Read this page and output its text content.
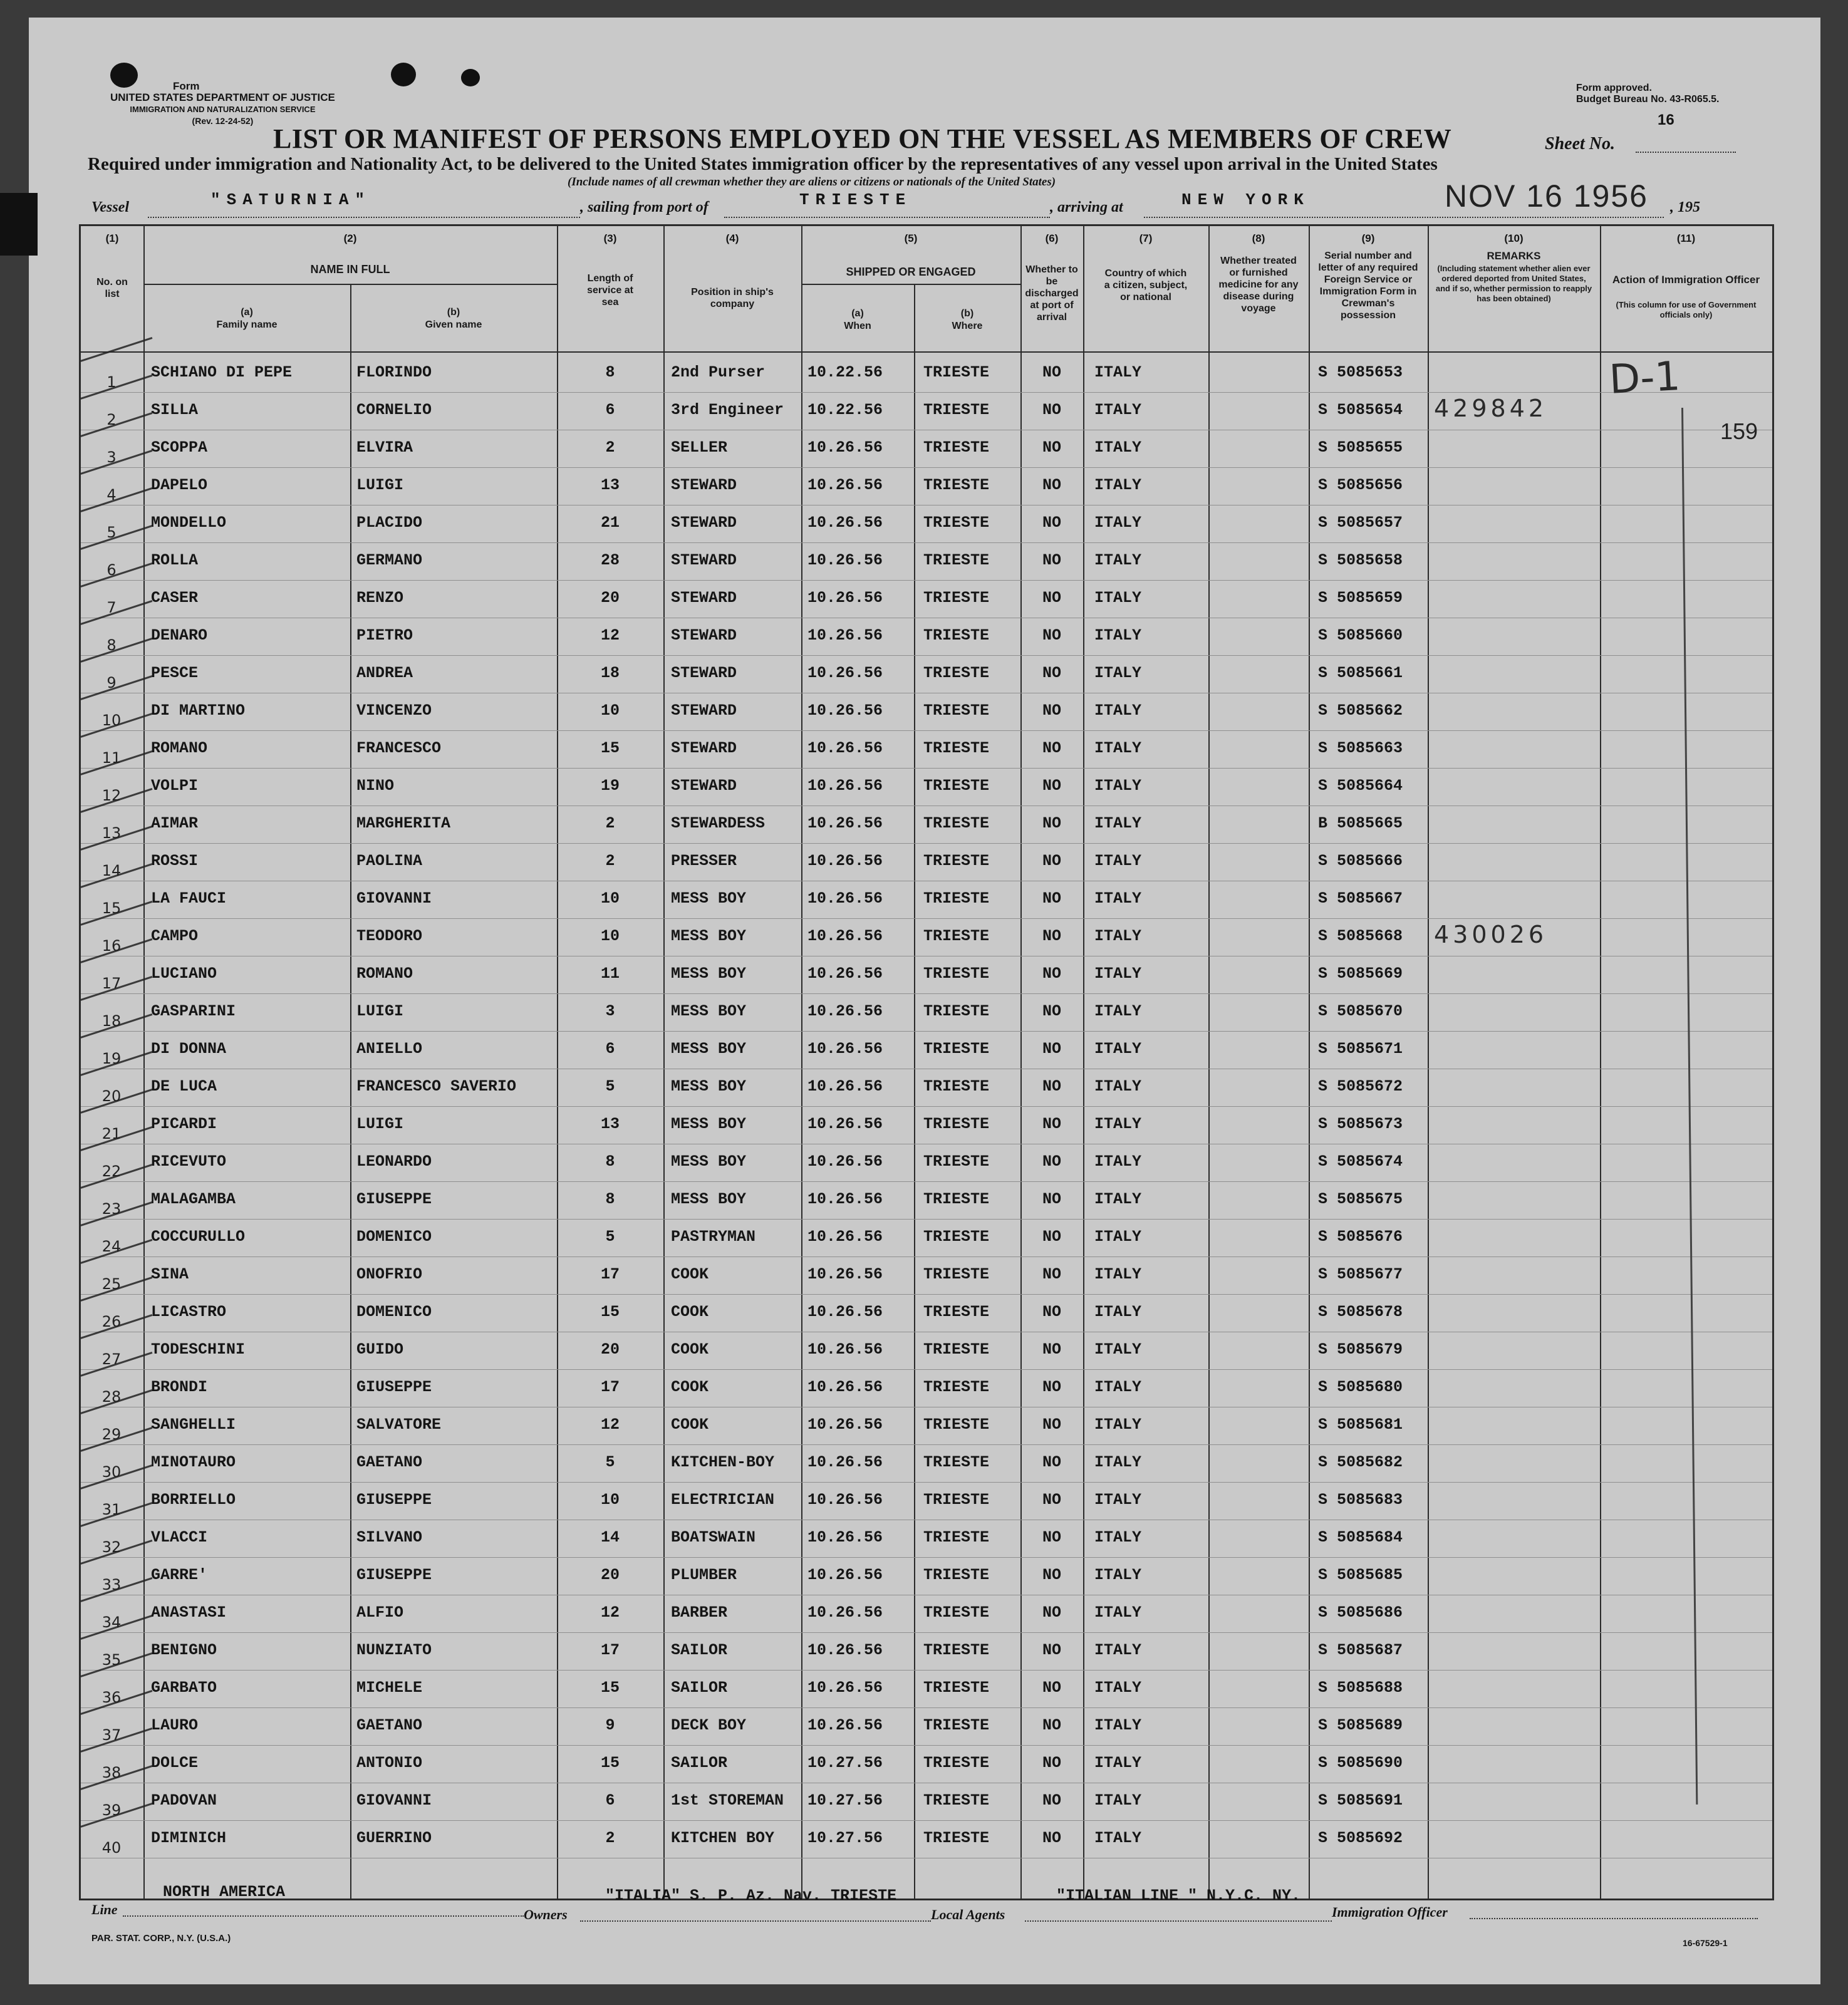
Form
UNITED STATES DEPARTMENT OF JUSTICE
IMMIGRATION AND NATURALIZATION SERVICE
(Rev. 12-24-52)
Form approved.
Budget Bureau No. 43-R065.5.
LIST OR MANIFEST OF PERSONS EMPLOYED ON THE VESSEL AS MEMBERS OF CREW	Sheet No.
16
Required under immigration and Nationality Act, to be delivered to the United States immigration officer by the representatives of any vessel upon arrival in the United States
(Include names of all crewman whether they are aliens or citizens or nationals of the United States)
Vessel	"SATURNIA"	, sailing from port of	TRIESTE	, arriving at	NEW YORK	NOV 16 1956 , 195
(1)	(2)	(3)	(4)	(5)	(6)	(7)	(8)	(9)	(10)	(11)
No. on list
NAME IN FULL
(a)
Family name
(b)
Given name
Length of service at sea
Position in ship's company
SHIPPED OR ENGAGED
(a)
When
(b)
Where
Whether to be discharged at port of arrival
Country of which a citizen, subject, or national
Whether treated or furnished medicine for any disease during voyage
Serial number and letter of any required Foreign Service or Immigration Form in Crewman's possession
REMARKS
(Including statement whether alien ever ordered deported from United States, and if so, whether permission to reapply has been obtained)
Action of Immigration Officer
(This column for use of Government officials only)
1
SCHIANO DI PEPE	FLORINDO	8	2nd Purser	10.22.56	TRIESTE	NO	ITALY	S 5085653
2
SILLA	CORNELIO	6	3rd Engineer	10.22.56	TRIESTE	NO	ITALY	S 5085654	429842
3
SCOPPA	ELVIRA	2	SELLER	10.26.56	TRIESTE	NO	ITALY	S 5085655
4
DAPELO	LUIGI	13	STEWARD	10.26.56	TRIESTE	NO	ITALY	S 5085656
5
MONDELLO	PLACIDO	21	STEWARD	10.26.56	TRIESTE	NO	ITALY	S 5085657
6
ROLLA	GERMANO	28	STEWARD	10.26.56	TRIESTE	NO	ITALY	S 5085658
7
CASER	RENZO	20	STEWARD	10.26.56	TRIESTE	NO	ITALY	S 5085659
8
DENARO	PIETRO	12	STEWARD	10.26.56	TRIESTE	NO	ITALY	S 5085660
9
PESCE	ANDREA	18	STEWARD	10.26.56	TRIESTE	NO	ITALY	S 5085661
10
DI MARTINO	VINCENZO	10	STEWARD	10.26.56	TRIESTE	NO	ITALY	S 5085662
11
ROMANO	FRANCESCO	15	STEWARD	10.26.56	TRIESTE	NO	ITALY	S 5085663
12
VOLPI	NINO	19	STEWARD	10.26.56	TRIESTE	NO	ITALY	S 5085664
13
AIMAR	MARGHERITA	2	STEWARDESS	10.26.56	TRIESTE	NO	ITALY	B 5085665
14
ROSSI	PAOLINA	2	PRESSER	10.26.56	TRIESTE	NO	ITALY	S 5085666
15
LA FAUCI	GIOVANNI	10	MESS BOY	10.26.56	TRIESTE	NO	ITALY	S 5085667
16
CAMPO	TEODORO	10	MESS BOY	10.26.56	TRIESTE	NO	ITALY	S 5085668	430026
17
LUCIANO	ROMANO	11	MESS BOY	10.26.56	TRIESTE	NO	ITALY	S 5085669
18
GASPARINI	LUIGI	3	MESS BOY	10.26.56	TRIESTE	NO	ITALY	S 5085670
19
DI DONNA	ANIELLO	6	MESS BOY	10.26.56	TRIESTE	NO	ITALY	S 5085671
20
DE LUCA	FRANCESCO SAVERIO	5	MESS BOY	10.26.56	TRIESTE	NO	ITALY	S 5085672
21
PICARDI	LUIGI	13	MESS BOY	10.26.56	TRIESTE	NO	ITALY	S 5085673
22
RICEVUTO	LEONARDO	8	MESS BOY	10.26.56	TRIESTE	NO	ITALY	S 5085674
23
MALAGAMBA	GIUSEPPE	8	MESS BOY	10.26.56	TRIESTE	NO	ITALY	S 5085675
24
COCCURULLO	DOMENICO	5	PASTRYMAN	10.26.56	TRIESTE	NO	ITALY	S 5085676
25
SINA	ONOFRIO	17	COOK	10.26.56	TRIESTE	NO	ITALY	S 5085677
26
LICASTRO	DOMENICO	15	COOK	10.26.56	TRIESTE	NO	ITALY	S 5085678
27
TODESCHINI	GUIDO	20	COOK	10.26.56	TRIESTE	NO	ITALY	S 5085679
28
BRONDI	GIUSEPPE	17	COOK	10.26.56	TRIESTE	NO	ITALY	S 5085680
29
SANGHELLI	SALVATORE	12	COOK	10.26.56	TRIESTE	NO	ITALY	S 5085681
30
MINOTAURO	GAETANO	5	KITCHEN-BOY	10.26.56	TRIESTE	NO	ITALY	S 5085682
31
BORRIELLO	GIUSEPPE	10	ELECTRICIAN	10.26.56	TRIESTE	NO	ITALY	S 5085683
32
VLACCI	SILVANO	14	BOATSWAIN	10.26.56	TRIESTE	NO	ITALY	S 5085684
33
GARRE'	GIUSEPPE	20	PLUMBER	10.26.56	TRIESTE	NO	ITALY	S 5085685
34
ANASTASI	ALFIO	12	BARBER	10.26.56	TRIESTE	NO	ITALY	S 5085686
35
BENIGNO	NUNZIATO	17	SAILOR	10.26.56	TRIESTE	NO	ITALY	S 5085687
36
GARBATO	MICHELE	15	SAILOR	10.26.56	TRIESTE	NO	ITALY	S 5085688
37
LAURO	GAETANO	9	DECK BOY	10.26.56	TRIESTE	NO	ITALY	S 5085689
38
DOLCE	ANTONIO	15	SAILOR	10.27.56	TRIESTE	NO	ITALY	S 5085690
39
PADOVAN	GIOVANNI	6	1st STOREMAN	10.27.56	TRIESTE	NO	ITALY	S 5085691
40
DIMINICH	GUERRINO	2	KITCHEN BOY	10.27.56	TRIESTE	NO	ITALY	S 5085692
D-1
159
Line
NORTH AMERICA
Owners
"ITALIA" S. P. Az. Nav. TRIESTE
Local Agents
"ITALIAN LINE " N.Y.C. NY.
Immigration Officer
PAR. STAT. CORP., N.Y. (U.S.A.)	16-67529-1
